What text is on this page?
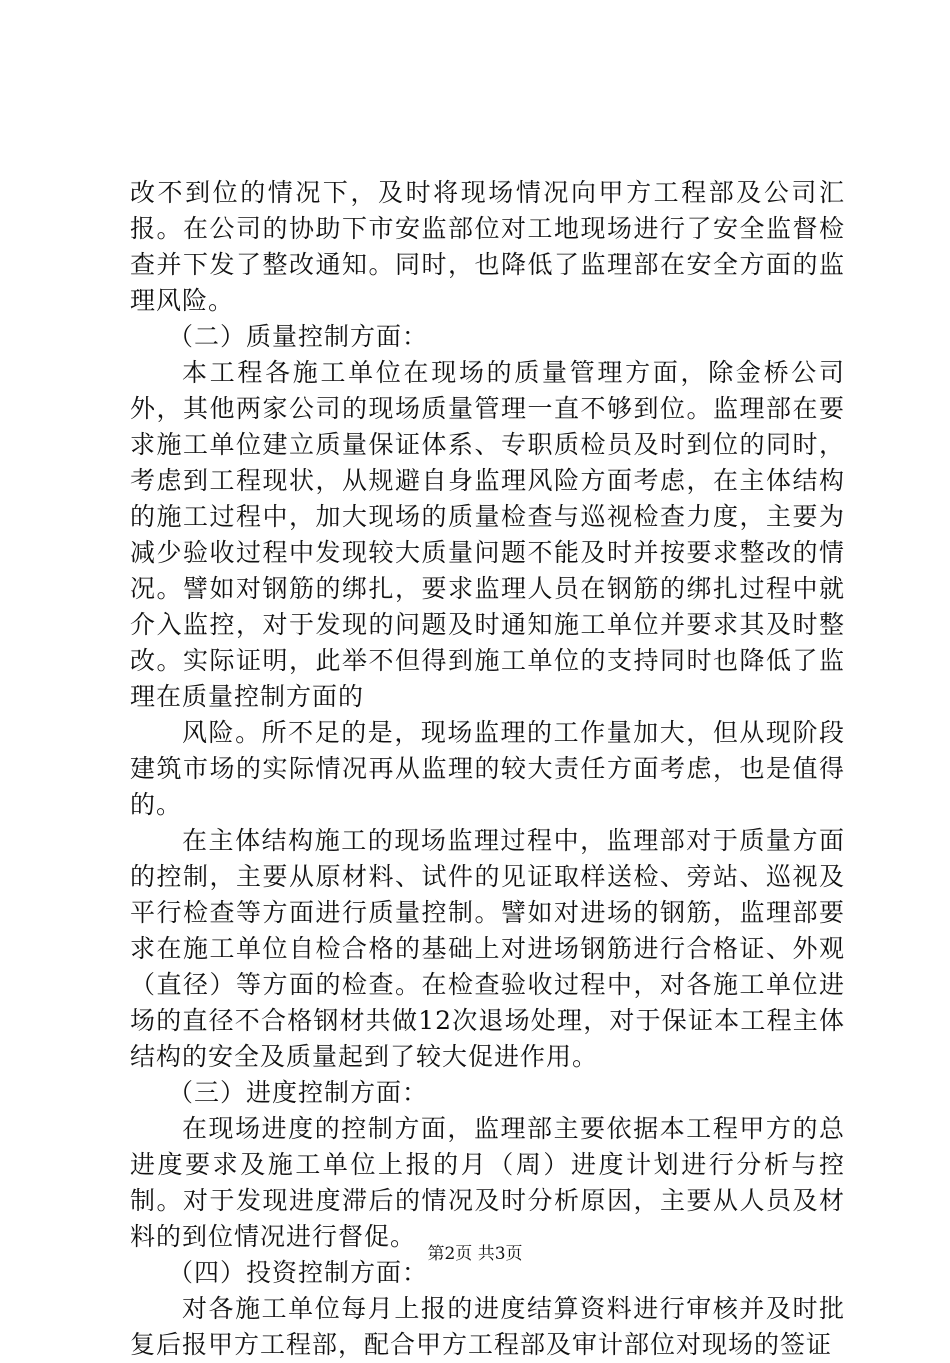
改不到位的情况下，及时将现场情况向甲方工程部及公司汇报。在公司的协助下市安监部位对工地现场进行了安全监督检查并下发了整改通知。同时，也降低了监理部在安全方面的监理风险。

（二）质量控制方面：

本工程各施工单位在现场的质量管理方面，除金桥公司外，其他两家公司的现场质量管理一直不够到位。监理部在要求施工单位建立质量保证体系、专职质检员及时到位的同时，考虑到工程现状，从规避自身监理风险方面考虑，在主体结构的施工过程中，加大现场的质量检查与巡视检查力度，主要为减少验收过程中发现较大质量问题不能及时并按要求整改的情况。譬如对钢筋的绑扎，要求监理人员在钢筋的绑扎过程中就介入监控，对于发现的问题及时通知施工单位并要求其及时整改。实际证明，此举不但得到施工单位的支持同时也降低了监理在质量控制方面的

风险。所不足的是，现场监理的工作量加大，但从现阶段建筑市场的实际情况再从监理的较大责任方面考虑，也是值得的。

在主体结构施工的现场监理过程中，监理部对于质量方面的控制，主要从原材料、试件的见证取样送检、旁站、巡视及平行检查等方面进行质量控制。譬如对进场的钢筋，监理部要求在施工单位自检合格的基础上对进场钢筋进行合格证、外观（直径）等方面的检查。在检查验收过程中，对各施工单位进场的直径不合格钢材共做12次退场处理，对于保证本工程主体结构的安全及质量起到了较大促进作用。

（三）进度控制方面：

在现场进度的控制方面，监理部主要依据本工程甲方的总进度要求及施工单位上报的月（周）进度计划进行分析与控制。对于发现进度滞后的情况及时分析原因，主要从人员及材料的到位情况进行督促。

（四）投资控制方面：

对各施工单位每月上报的进度结算资料进行审核并及时批复后报甲方工程部，配合甲方工程部及审计部位对现场的签证

第2页 共3页
